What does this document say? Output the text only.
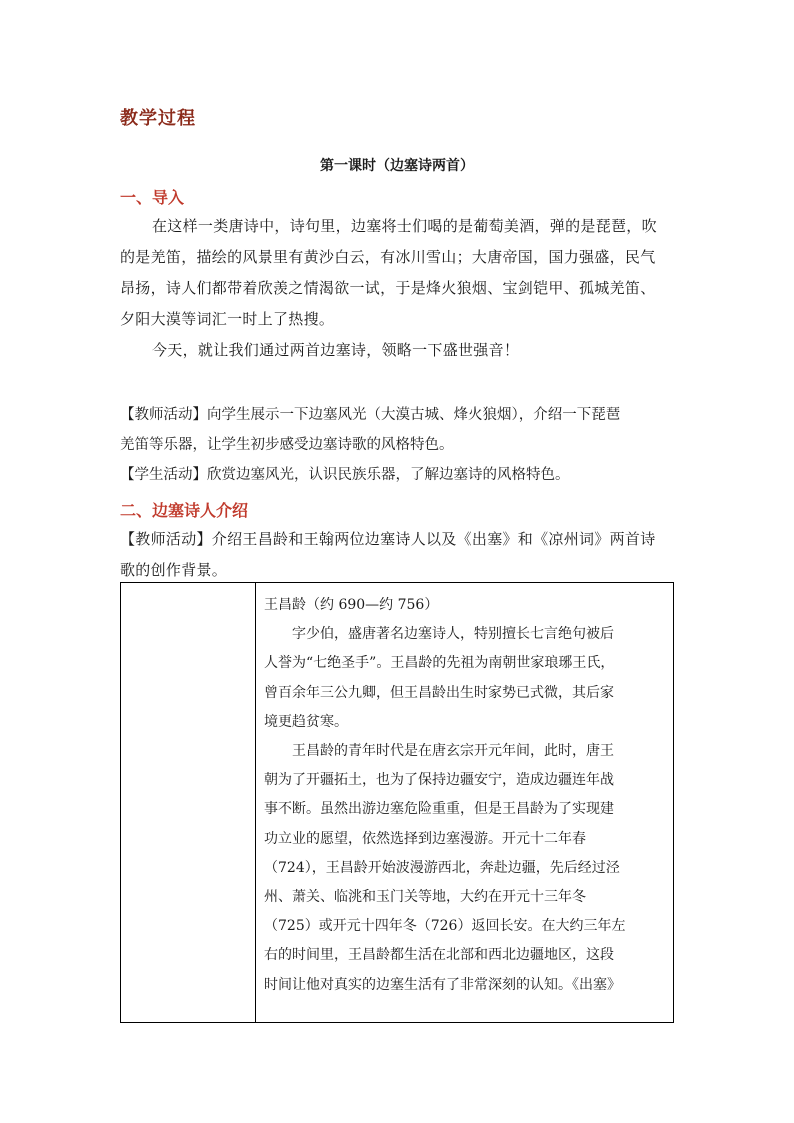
教学过程
第一课时（边塞诗两首）
一、导入
在这样一类唐诗中，诗句里，边塞将士们喝的是葡萄美酒，弹的是琵琶，吹
的是羌笛，描绘的风景里有黄沙白云，有冰川雪山；大唐帝国，国力强盛，民气
昂扬，诗人们都带着欣羡之情渴欲一试，于是烽火狼烟、宝剑铠甲、孤城羌笛、
夕阳大漠等词汇一时上了热搜。
今天，就让我们通过两首边塞诗，领略一下盛世强音！
【教师活动】向学生展示一下边塞风光（大漠古城、烽火狼烟），介绍一下琵琶
羌笛等乐器，让学生初步感受边塞诗歌的风格特色。
【学生活动】欣赏边塞风光，认识民族乐器，了解边塞诗的风格特色。
二、边塞诗人介绍
【教师活动】介绍王昌龄和王翰两位边塞诗人以及《出塞》和《凉州词》两首诗
歌的创作背景。

王昌龄（约 690—约 756）
字少伯，盛唐著名边塞诗人，特别擅长七言绝句被后
人誉为“七绝圣手”。王昌龄的先祖为南朝世家琅琊王氏，
曾百余年三公九卿，但王昌龄出生时家势已式微，其后家
境更趋贫寒。
王昌龄的青年时代是在唐玄宗开元年间，此时，唐王
朝为了开疆拓土，也为了保持边疆安宁，造成边疆连年战
事不断。虽然出游边塞危险重重，但是王昌龄为了实现建
功立业的愿望，依然选择到边塞漫游。开元十二年春
（724），王昌龄开始波漫游西北，奔赴边疆，先后经过泾
州、萧关、临洮和玉门关等地，大约在开元十三年冬
（725）或开元十四年冬（726）返回长安。在大约三年左
右的时间里，王昌龄都生活在北部和西北边疆地区，这段
时间让他对真实的边塞生活有了非常深刻的认知。《出塞》
